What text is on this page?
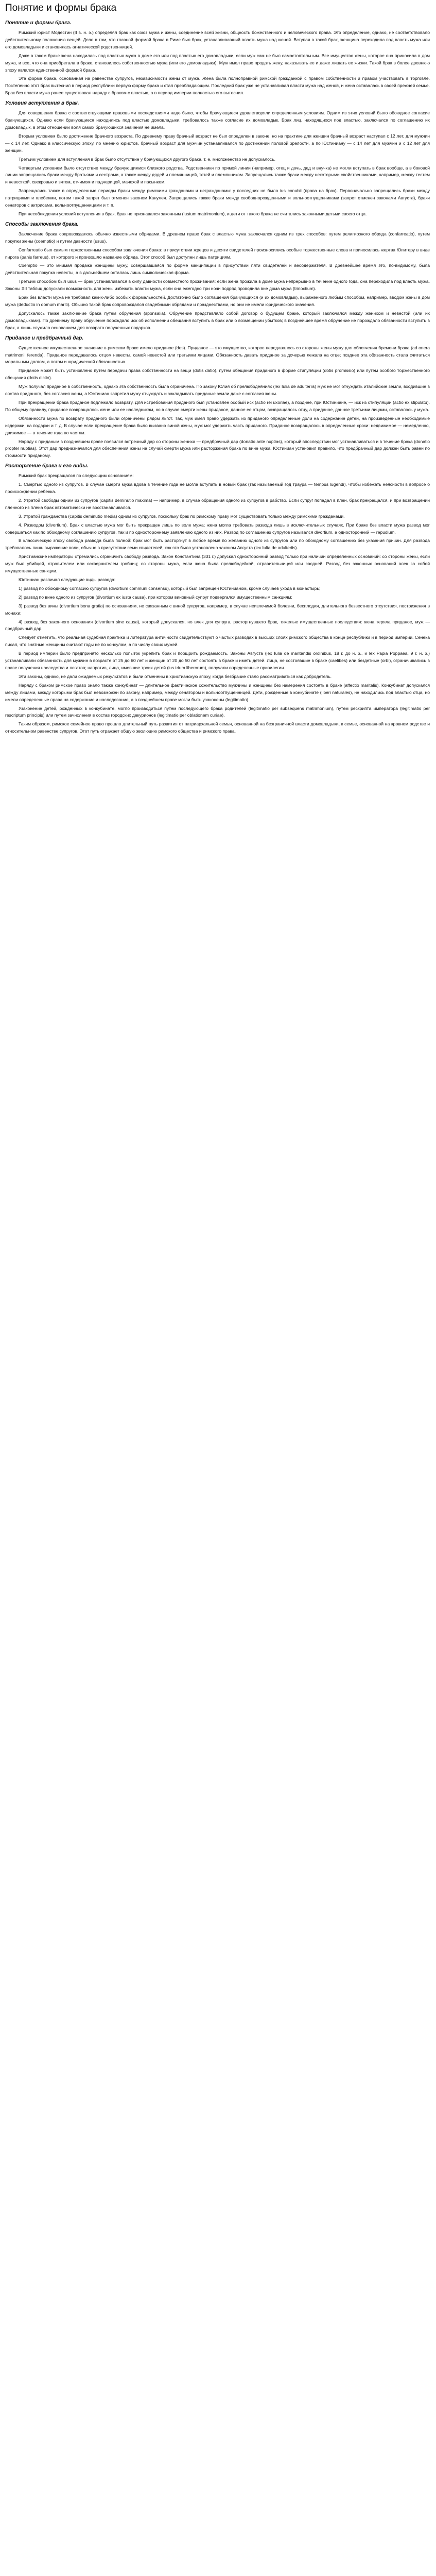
Понятие и формы брака
Понятие и формы брака.

Римский юрист Модестин (II в. н. э.) определял брак как союз мужа и жены, соединение всей жизни, общность божественного и человеческого права. Это определение, однако, не соответствовало действительному положению вещей. Дело в том, что главной формой брака в Риме был брак, устанавливавший власть мужа над женой. Вступая в такой брак, женщина переходила под власть мужа или его домовладыки и становилась агнатической родственницей.

Даже в таком браке жена находилась под властью мужа в доме его или под властью его домовладыки, если муж сам не был самостоятельным. Все имущество жены, которое она приносила в дом мужа, и все, что она приобретала в браке, становилось собственностью мужа (или его домовладыки). Муж имел право продать жену, наказывать ее и даже лишать ее жизни. Такой брак в более древнюю эпоху являлся единственной формой брака.

Эта форма брака, основанная на равенстве супругов, независимости жены от мужа. Жена была полноправной римской гражданкой с правом собственности и правом участвовать в торговле. Постепенно этот брак вытеснил в период республики первую форму брака и стал преобладающим. Последний брак уже не устанавливал власти мужа над женой, и жена оставалась в своей прежней семье. Брак без власти мужа ранее существовал наряду с браком с властью, а в период империи полностью его вытеснил.

Условия вступления в брак.

Для совершения брака с соответствующими правовыми последствиями надо было, чтобы брачующиеся удовлетворяли определенным условиям. Одним из этих условий было обоюдное согласие брачующихся. Однако если брачующиеся находились под властью домовладыки, требовалось также согласие их домовладык. Брак лиц, находящихся под властью, заключался по соглашению их домовладык, в этом отношении воля самих брачующихся значения не имела.

Вторым условием было достижение брачного возраста. По древнему праву брачный возраст не был определен в законе, но на практике для женщин брачный возраст наступал с 12 лет, для мужчин — с 14 лет. Однако в классическую эпоху, по мнению юристов, брачный возраст для мужчин устанавливался по достижении половой зрелости, а по Юстиниану — с 14 лет для мужчин и с 12 лет для женщин.

Третьим условием для вступления в брак было отсутствие у брачующихся другого брака, т. е. многоженство не допускалось.

Четвертым условием было отсутствие между брачующимися близкого родства. Родственники по прямой линии (например, отец и дочь, дед и внучка) не могли вступать в брак вообще, а в боковой линии запрещались браки между братьями и сестрами, а также между дядей и племянницей, тетей и племянником. Запрещались также браки между некоторыми свойственниками, например, между тестем и невесткой, свекровью и зятем, отчимом и падчерицей, мачехой и пасынком.

Запрещались также в определенные периоды браки между римскими гражданами и негражданами: у последних не было ius conubii (права на брак). Первоначально запрещались браки между патрициями и плебеями, потом такой запрет был отменен законом Канулея. Запрещались также браки между свободнорожденными и вольноотпущенниками (запрет отменен законами Августа), браки сенаторов с актрисами, вольноотпущенницами и т. п.

При несоблюдении условий вступления в брак, брак не признавался законным (iustum matrimonium), и дети от такого брака не считались законными детьми своего отца.

Способы заключения брака.

Заключение брака сопровождалось обычно известными обрядами. В древнем праве брак с властью мужа заключался одним из трех способов: путем религиозного обряда (confarreatio), путем покупки жены (coemptio) и путем давности (usus).

Confarreatio был самым торжественным способом заключения брака: в присутствии жрецов и десяти свидетелей произносились особые торжественные слова и приносилась жертва Юпитеру в виде пирога (panis farreus), от которого и произошло название обряда. Этот способ был доступен лишь патрициям.

Coemptio — это мнимая продажа женщины мужу, совершавшаяся по форме манципации в присутствии пяти свидетелей и весодержателя. В древнейшее время это, по-видимому, была действительная покупка невесты, а в дальнейшем осталась лишь символическая форма.

Третьим способом был usus — брак устанавливался в силу давности совместного проживания: если жена прожила в доме мужа непрерывно в течение одного года, она переходила под власть мужа. Законы XII таблиц допускали возможность для жены избежать власти мужа, если она ежегодно три ночи подряд проводила вне дома мужа (trinoctium).

Брак без власти мужа не требовал каких-либо особых формальностей. Достаточно было соглашения брачующихся (и их домовладык), выраженного любым способом, например, вводом жены в дом мужа (deductio in domum mariti). Обычно такой брак сопровождался свадебными обрядами и празднествами, но они не имели юридического значения.

Допускалось также заключение брака путем обручения (sponsalia). Обручение представляло собой договор о будущем браке, который заключался между женихом и невестой (или их домовладыками). По древнему праву обручение порождало иск об исполнении обещания вступить в брак или о возмещении убытков; в позднейшее время обручение не порождало обязанности вступить в брак, а лишь служило основанием для возврата полученных подарков.

Приданое и предбрачный дар.

Существенное имущественное значение в римском браке имело приданое (dos). Приданое — это имущество, которое передавалось со стороны жены мужу для облегчения бремени брака (ad onera matrimonii ferenda). Приданое передавалось отцом невесты, самой невестой или третьими лицами. Обязанность давать приданое за дочерью лежала на отце; позднее эта обязанность стала считаться моральным долгом, а потом и юридической обязанностью.

Приданое может быть установлено путем передачи права собственности на вещи (dotis datio), путем обещания приданого в форме стипуляции (dotis promissio) или путем особого торжественного обещания (dotis dictio).

Муж получал приданое в собственность, однако эта собственность была ограничена. По закону Юлия об прелюбодеяниях (lex Iulia de adulteriis) муж не мог отчуждать италийские земли, входившие в состав приданого, без согласия жены, а Юстиниан запретил мужу отчуждать и закладывать приданые земли даже с согласия жены.

При прекращении брака приданое подлежало возврату. Для истребования приданого был установлен особый иск (actio rei uxoriae), а позднее, при Юстиниане, — иск из стипуляции (actio ex stipulatu). По общему правилу, приданое возвращалось жене или ее наследникам, но в случае смерти жены приданое, данное ее отцом, возвращалось отцу, а приданое, данное третьими лицами, оставалось у мужа.

Обязанности мужа по возврату приданого были ограничены рядом льгот. Так, муж имел право удержать из приданого определенные доли на содержание детей, на произведенные необходимые издержки, на подарки и т. д. В случае если прекращение брака было вызвано виной жены, муж мог удержать часть приданого. Приданое возвращалось в определенные сроки: недвижимое — немедленно, движимое — в течение года по частям.

Наряду с приданым в позднейшем праве появился встречный дар со стороны жениха — предбрачный дар (donatio ante nuptias), который впоследствии мог устанавливаться и в течение брака (donatio propter nuptias). Этот дар предназначался для обеспечения жены на случай смерти мужа или расторжения брака по вине мужа. Юстиниан установил правило, что предбрачный дар должен быть равен по стоимости приданому.

Расторжение брака и его виды.

Римский брак прекращался по следующим основаниям:

1. Смертью одного из супругов. В случае смерти мужа вдова в течение года не могла вступать в новый брак (так называемый год траура — tempus lugendi), чтобы избежать неясности в вопросе о происхождении ребенка.

2. Утратой свободы одним из супругов (capitis deminutio maxima) — например, в случае обращения одного из супругов в рабство. Если супруг попадал в плен, брак прекращался, и при возвращении пленного из плена брак автоматически не восстанавливался.

3. Утратой гражданства (capitis deminutio media) одним из супругов, поскольку брак по римскому праву мог существовать только между римскими гражданами.

4. Разводом (divortium). Брак с властью мужа мог быть прекращен лишь по воле мужа; жена могла требовать развода лишь в исключительных случаях. При браке без власти мужа развод мог совершаться как по обоюдному соглашению супругов, так и по одностороннему заявлению одного из них. Развод по соглашению супругов назывался divortium, а односторонний — repudium.

В классическую эпоху свобода развода была полной: брак мог быть расторгнут в любое время по желанию одного из супругов или по обоюдному соглашению без указания причин. Для развода требовалось лишь выражение воли, обычно в присутствии семи свидетелей, как это было установлено законом Августа (lex Iulia de adulteriis).

Христианские императоры стремились ограничить свободу развода. Закон Константина (331 г.) допускал односторонний развод только при наличии определенных оснований: со стороны жены, если муж был убийцей, отравителем или осквернителем гробниц; со стороны мужа, если жена была прелюбодейкой, отравительницей или сводней. Развод без законных оснований влек за собой имущественные санкции.

Юстиниан различал следующие виды развода:

1) развод по обоюдному согласию супругов (divortium communi consensu), который был запрещен Юстинианом, кроме случаев ухода в монастырь;

2) развод по вине одного из супругов (divortium ex iusta causa), при котором виновный супруг подвергался имущественным санкциям;

3) развод без вины (divortium bona gratia) по основаниям, не связанным с виной супругов, например, в случае неизлечимой болезни, бесплодия, длительного безвестного отсутствия, пострижения в монахи;

4) развод без законного основания (divortium sine causa), который допускался, но влек для супруга, расторгнувшего брак, тяжелые имущественные последствия: жена теряла приданое, муж — предбрачный дар.

Следует отметить, что реальная судебная практика и литература античности свидетельствуют о частых разводах в высших слоях римского общества в конце республики и в период империи. Сенека писал, что знатные женщины считают годы не по консулам, а по числу своих мужей.

В период империи было предпринято несколько попыток укрепить брак и поощрить рождаемость. Законы Августа (lex Iulia de maritandis ordinibus, 18 г. до н. э., и lex Papia Poppaea, 9 г. н. э.) устанавливали обязанность для мужчин в возрасте от 25 до 60 лет и женщин от 20 до 50 лет состоять в браке и иметь детей. Лица, не состоявшие в браке (caelibes) или бездетные (orbi), ограничивались в праве получения наследства и легатов; напротив, лица, имевшие троих детей (ius trium liberorum), получали определенные привилегии.

Эти законы, однако, не дали ожидаемых результатов и были отменены в христианскую эпоху, когда безбрачие стало рассматриваться как добродетель.

Наряду с браком римское право знало также конкубинат — длительное фактическое сожительство мужчины и женщины без намерения состоять в браке (affectio maritalis). Конкубинат допускался между лицами, между которыми брак был невозможен по закону, например, между сенатором и вольноотпущенницей. Дети, рожденные в конкубинате (liberi naturales), не находились под властью отца, но имели определенные права на содержание и наследование, а в позднейшем праве могли быть узаконены (legitimatio).

Узаконение детей, рожденных в конкубинате, могло производиться путем последующего брака родителей (legitimatio per subsequens matrimonium), путем рескрипта императора (legitimatio per rescriptum principis) или путем зачисления в состав городских декурионов (legitimatio per oblationem curiae).

Таким образом, римское семейное право прошло длительный путь развития от патриархальной семьи, основанной на безграничной власти домовладыки, к семье, основанной на кровном родстве и относительном равенстве супругов. Этот путь отражает общую эволюцию римского общества и римского права.
